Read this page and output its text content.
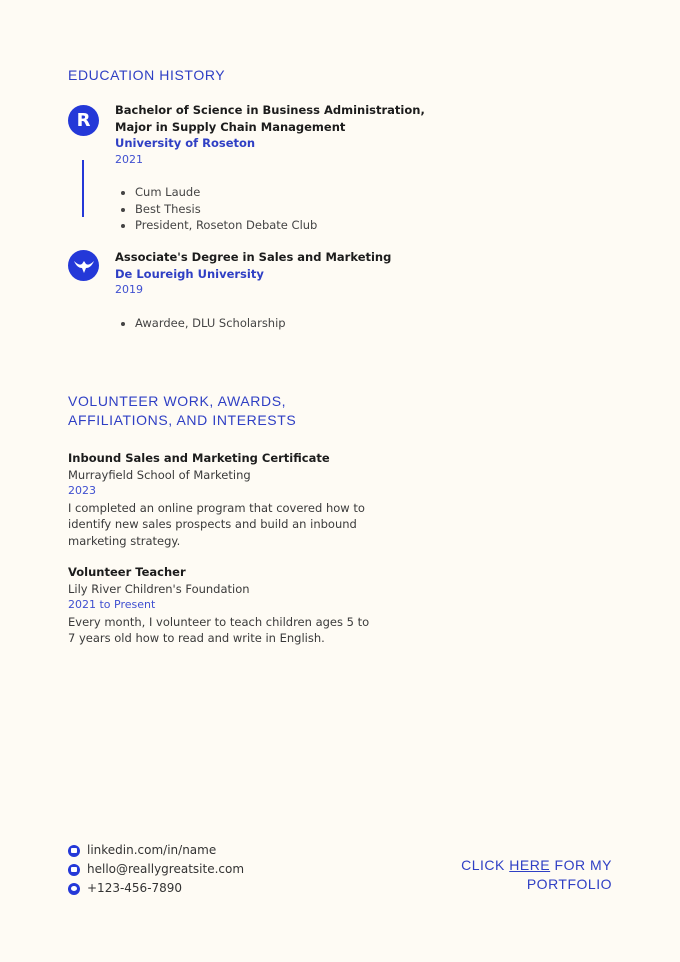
EDUCATION HISTORY
R	Bachelor of Science in Business Administration,
Major in Supply Chain Management
University of Roseton
2021
• Cum Laude
• Best Thesis
• President, Roseton Debate Club
Associate's Degree in Sales and Marketing
De Loureigh University
2019
• Awardee, DLU Scholarship
VOLUNTEER WORK, AWARDS,
AFFILIATIONS, AND INTERESTS
Inbound Sales and Marketing Certificate
Murrayfield School of Marketing
2023
I completed an online program that covered how to
identify new sales prospects and build an inbound
marketing strategy.
Volunteer Teacher
Lily River Children's Foundation
2021 to Present
Every month, I volunteer to teach children ages 5 to
7 years old how to read and write in English.
linkedin.com/in/name
hello@reallygreatsite.com
+123-456-7890
CLICK HERE FOR MY
PORTFOLIO
